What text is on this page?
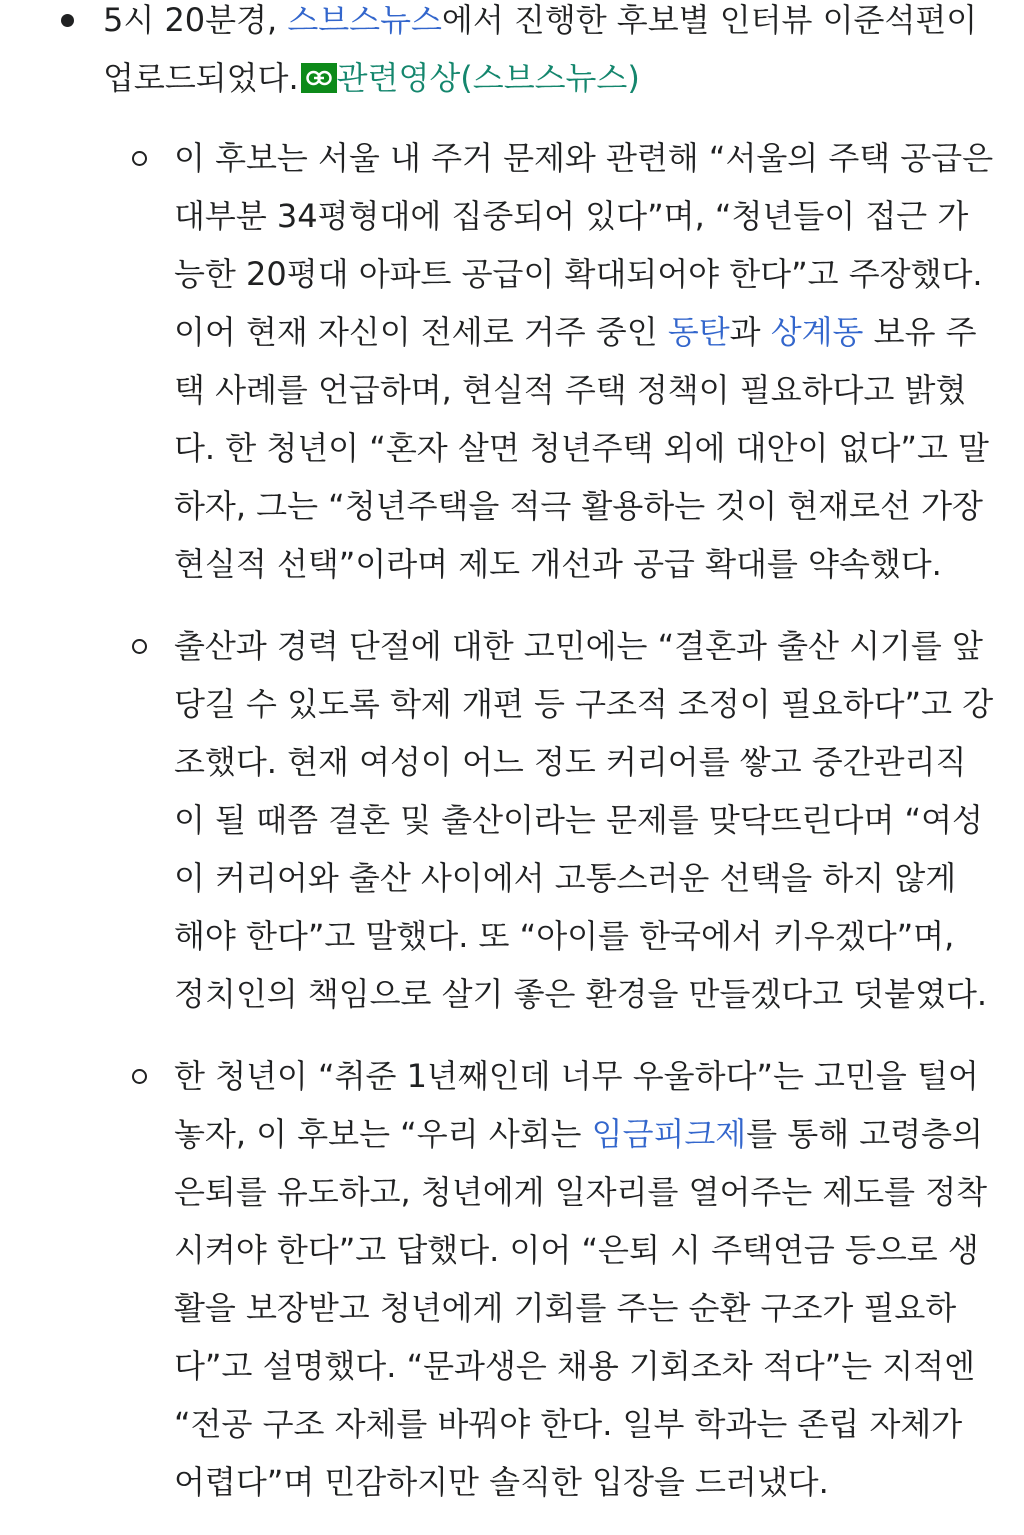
5시 20분경, 스브스뉴스에서 진행한 후보별 인터뷰 이준석편이 업로드되었다. 관련영상(스브스뉴스)
이 후보는 서울 내 주거 문제와 관련해 “서울의 주택 공급은 대부분 34평형대에 집중되어 있다”며, “청년들이 접근 가능한 20평대 아파트 공급이 확대되어야 한다”고 주장했다. 이어 현재 자신이 전세로 거주 중인 동탄과 상계동 보유 주택 사례를 언급하며, 현실적 주택 정책이 필요하다고 밝혔다. 한 청년이 “혼자 살면 청년주택 외에 대안이 없다”고 말하자, 그는 “청년주택을 적극 활용하는 것이 현재로선 가장 현실적 선택”이라며 제도 개선과 공급 확대를 약속했다.
출산과 경력 단절에 대한 고민에는 “결혼과 출산 시기를 앞당길 수 있도록 학제 개편 등 구조적 조정이 필요하다”고 강조했다. 현재 여성이 어느 정도 커리어를 쌓고 중간관리직이 될 때쯤 결혼 및 출산이라는 문제를 맞닥뜨린다며 “여성이 커리어와 출산 사이에서 고통스러운 선택을 하지 않게 해야 한다”고 말했다. 또 “아이를 한국에서 키우겠다”며, 정치인의 책임으로 살기 좋은 환경을 만들겠다고 덧붙였다.
한 청년이 “취준 1년째인데 너무 우울하다”는 고민을 털어놓자, 이 후보는 “우리 사회는 임금피크제를 통해 고령층의 은퇴를 유도하고, 청년에게 일자리를 열어주는 제도를 정착시켜야 한다”고 답했다. 이어 “은퇴 시 주택연금 등으로 생활을 보장받고 청년에게 기회를 주는 순환 구조가 필요하다”고 설명했다. “문과생은 채용 기회조차 적다”는 지적엔 “전공 구조 자체를 바꿔야 한다. 일부 학과는 존립 자체가 어렵다”며 민감하지만 솔직한 입장을 드러냈다.
